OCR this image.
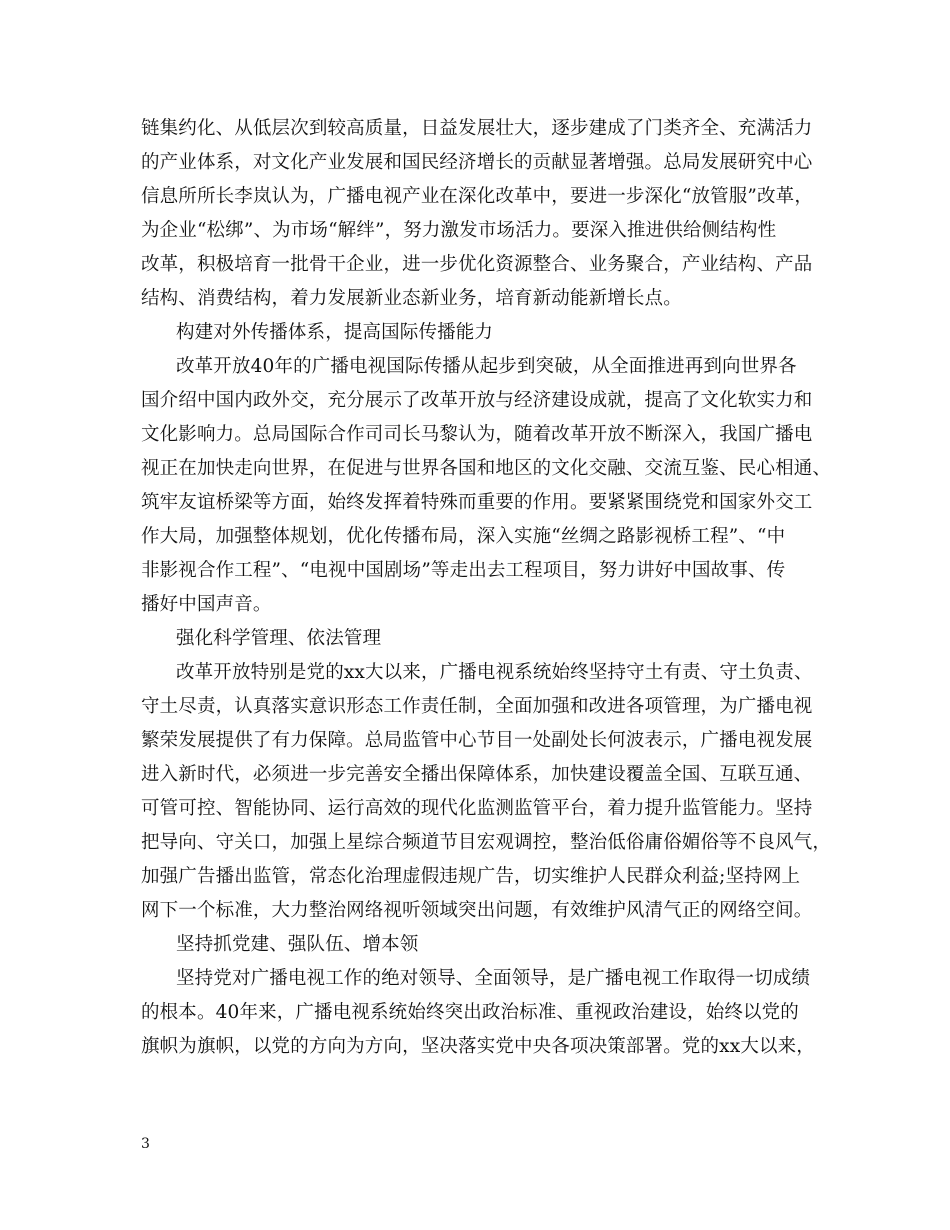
链集约化、从低层次到较高质量，日益发展壮大，逐步建成了门类齐全、充满活力
的产业体系，对文化产业发展和国民经济增长的贡献显著增强。总局发展研究中心
信息所所长李岚认为，广播电视产业在深化改革中，要进一步深化“放管服”改革，
为企业“松绑”、为市场“解绊”，努力激发市场活力。要深入推进供给侧结构性
改革，积极培育一批骨干企业，进一步优化资源整合、业务聚合，产业结构、产品
结构、消费结构，着力发展新业态新业务，培育新动能新增长点。
构建对外传播体系，提高国际传播能力
改革开放40年的广播电视国际传播从起步到突破，从全面推进再到向世界各
国介绍中国内政外交，充分展示了改革开放与经济建设成就，提高了文化软实力和
文化影响力。总局国际合作司司长马黎认为，随着改革开放不断深入，我国广播电
视正在加快走向世界，在促进与世界各国和地区的文化交融、交流互鉴、民心相通、
筑牢友谊桥梁等方面，始终发挥着特殊而重要的作用。要紧紧围绕党和国家外交工
作大局，加强整体规划，优化传播布局，深入实施“丝绸之路影视桥工程”、“中
非影视合作工程”、“电视中国剧场”等走出去工程项目，努力讲好中国故事、传
播好中国声音。
强化科学管理、依法管理
改革开放特别是党的xx大以来，广播电视系统始终坚持守土有责、守土负责、
守土尽责，认真落实意识形态工作责任制，全面加强和改进各项管理，为广播电视
繁荣发展提供了有力保障。总局监管中心节目一处副处长何波表示，广播电视发展
进入新时代，必须进一步完善安全播出保障体系，加快建设覆盖全国、互联互通、
可管可控、智能协同、运行高效的现代化监测监管平台，着力提升监管能力。坚持
把导向、守关口，加强上星综合频道节目宏观调控，整治低俗庸俗媚俗等不良风气，
加强广告播出监管，常态化治理虚假违规广告，切实维护人民群众利益;坚持网上
网下一个标准，大力整治网络视听领域突出问题，有效维护风清气正的网络空间。
坚持抓党建、强队伍、增本领
坚持党对广播电视工作的绝对领导、全面领导，是广播电视工作取得一切成绩
的根本。40年来，广播电视系统始终突出政治标准、重视政治建设，始终以党的
旗帜为旗帜，以党的方向为方向，坚决落实党中央各项决策部署。党的xx大以来，
3
